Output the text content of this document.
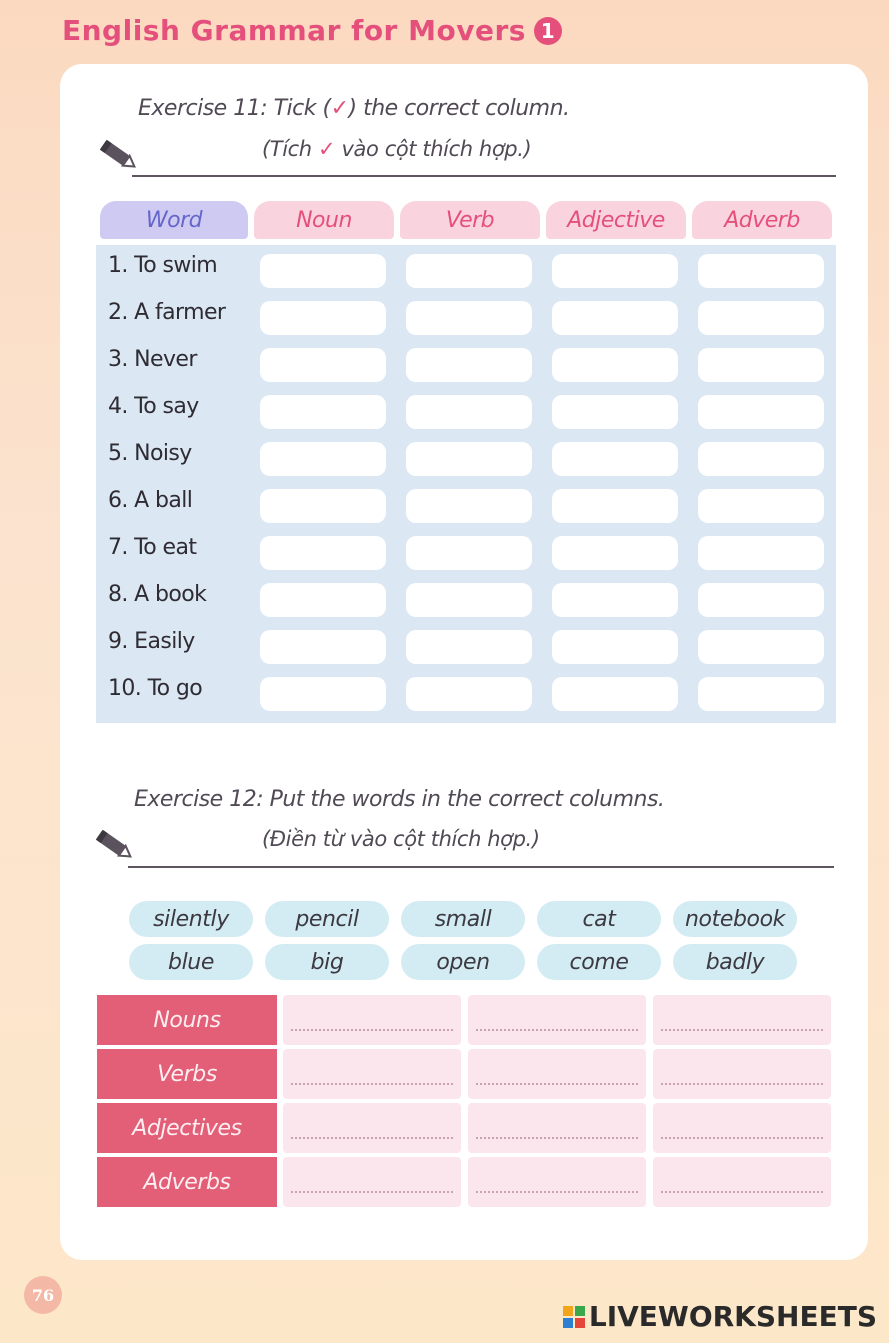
English Grammar for Movers 1
Exercise 11: Tick (✓) the correct column.
(Tích ✓ vào cột thích hợp.)
Word	Noun	Verb	Adjective	Adverb
1. To swim
2. A farmer
3. Never
4. To say
5. Noisy
6. A ball
7. To eat
8. A book
9. Easily
10. To go
Exercise 12: Put the words in the correct columns.
(Điền từ vào cột thích hợp.)
silently	pencil	small	cat	notebook
blue	big	open	come	badly
Nouns
Verbs
Adjectives
Adverbs
76
LIVEWORKSHEETS
